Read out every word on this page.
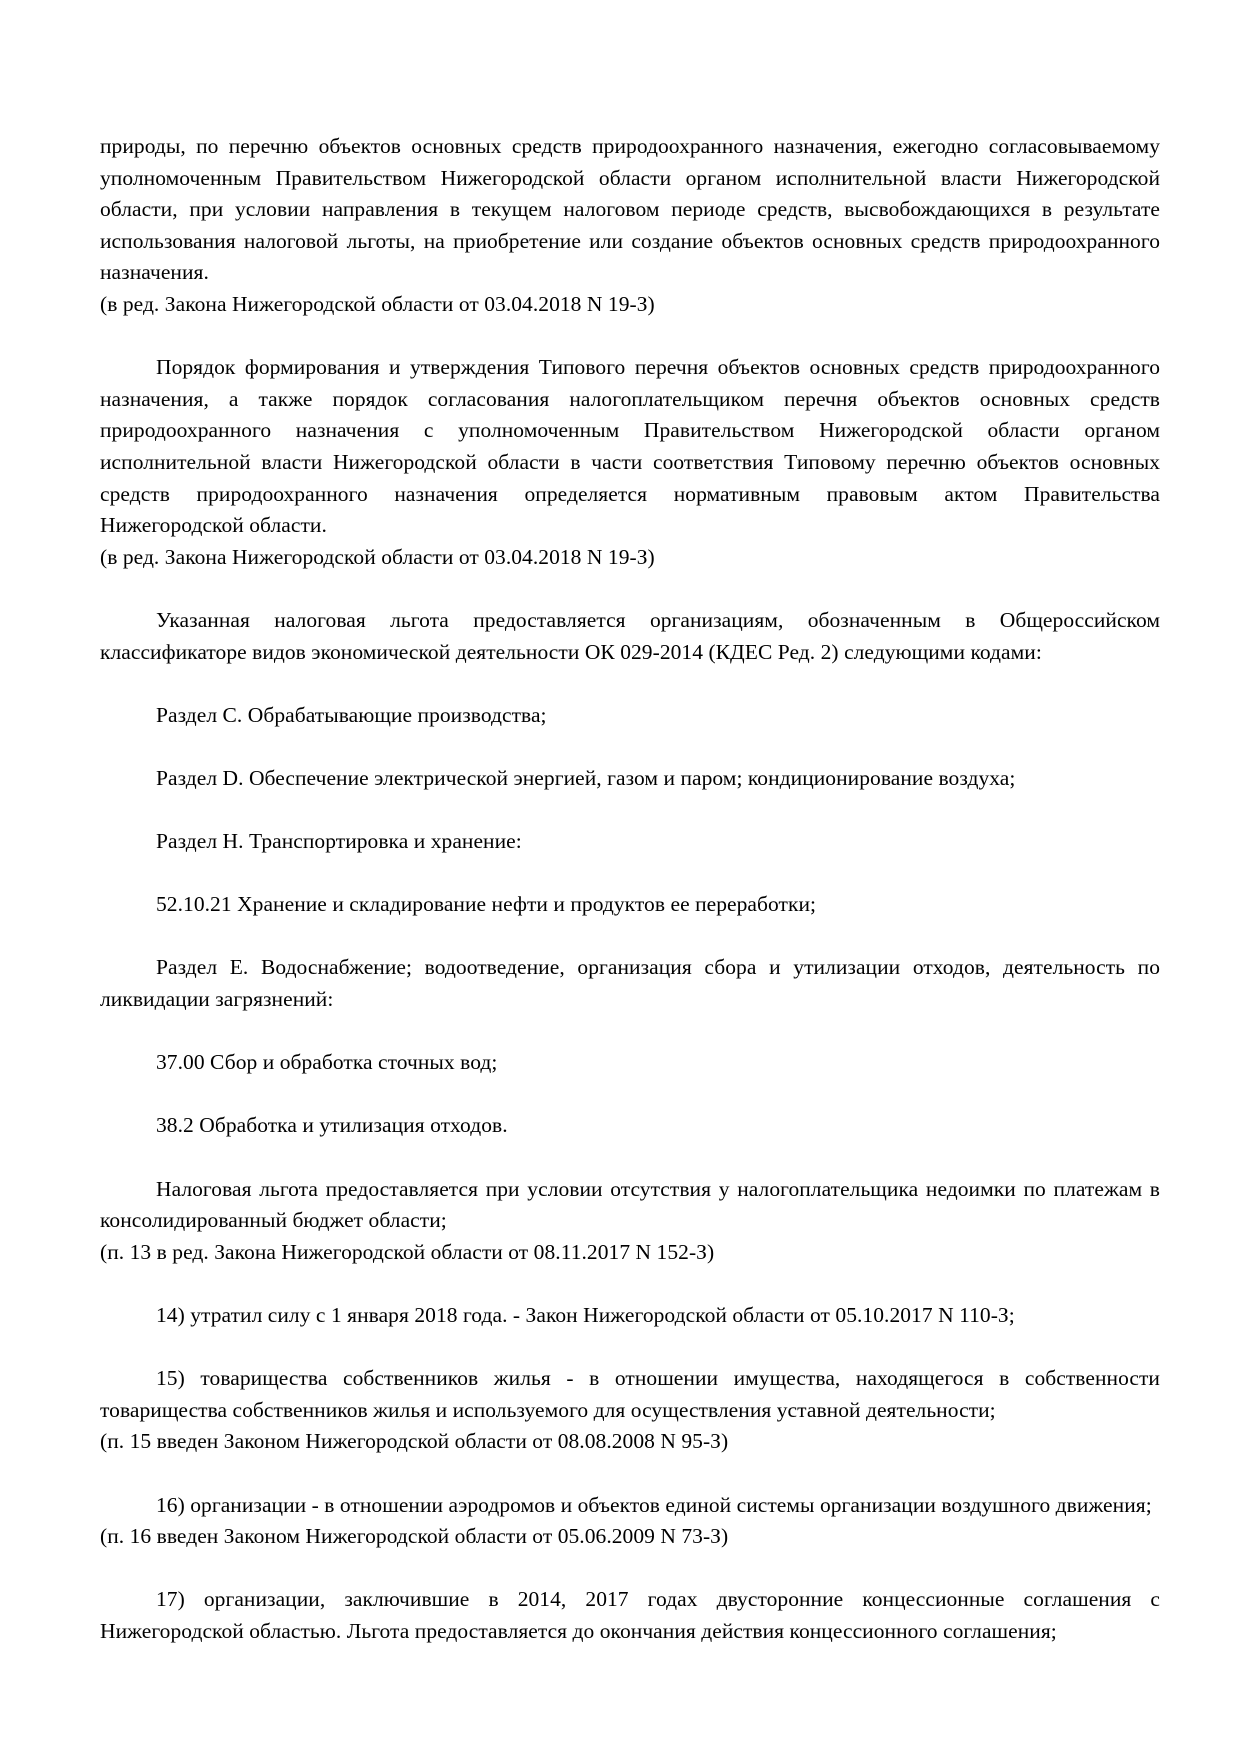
природы, по перечню объектов основных средств природоохранного назначения, ежегодно согласовываемому уполномоченным Правительством Нижегородской области органом исполнительной власти Нижегородской области, при условии направления в текущем налоговом периоде средств, высвобождающихся в результате использования налоговой льготы, на приобретение или создание объектов основных средств природоохранного назначения.

(в ред. Закона Нижегородской области от 03.04.2018 N 19-З)

Порядок формирования и утверждения Типового перечня объектов основных средств природоохранного назначения, а также порядок согласования налогоплательщиком перечня объектов основных средств природоохранного назначения с уполномоченным Правительством Нижегородской области органом исполнительной власти Нижегородской области в части соответствия Типовому перечню объектов основных средств природоохранного назначения определяется нормативным правовым актом Правительства Нижегородской области.

(в ред. Закона Нижегородской области от 03.04.2018 N 19-З)

Указанная налоговая льгота предоставляется организациям, обозначенным в Общероссийском классификаторе видов экономической деятельности ОК 029-2014 (КДЕС Ред. 2) следующими кодами:

Раздел C. Обрабатывающие производства;

Раздел D. Обеспечение электрической энергией, газом и паром; кондиционирование воздуха;

Раздел H. Транспортировка и хранение:

52.10.21 Хранение и складирование нефти и продуктов ее переработки;

Раздел E. Водоснабжение; водоотведение, организация сбора и утилизации отходов, деятельность по ликвидации загрязнений:

37.00 Сбор и обработка сточных вод;

38.2 Обработка и утилизация отходов.

Налоговая льгота предоставляется при условии отсутствия у налогоплательщика недоимки по платежам в консолидированный бюджет области;

(п. 13 в ред. Закона Нижегородской области от 08.11.2017 N 152-З)

14) утратил силу с 1 января 2018 года. - Закон Нижегородской области от 05.10.2017 N 110-З;

15) товарищества собственников жилья - в отношении имущества, находящегося в собственности товарищества собственников жилья и используемого для осуществления уставной деятельности;

(п. 15 введен Законом Нижегородской области от 08.08.2008 N 95-З)

16) организации - в отношении аэродромов и объектов единой системы организации воздушного движения;

(п. 16 введен Законом Нижегородской области от 05.06.2009 N 73-З)

17) организации, заключившие в 2014, 2017 годах двусторонние концессионные соглашения с Нижегородской областью. Льгота предоставляется до окончания действия концессионного соглашения;
